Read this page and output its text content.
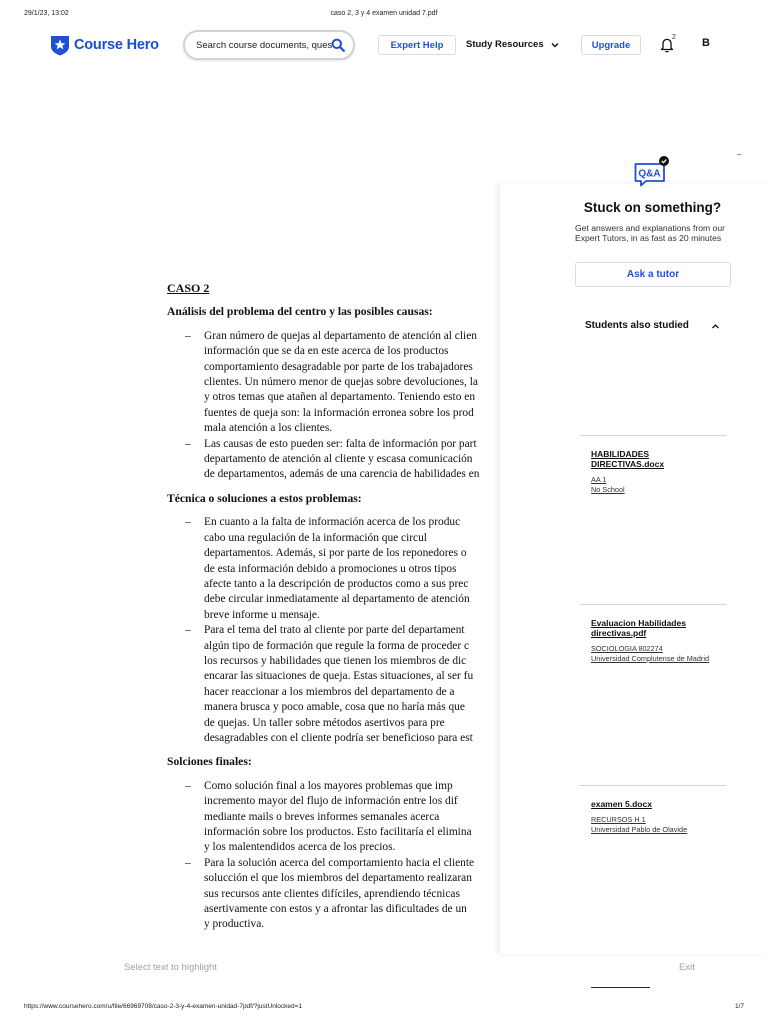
29/1/23, 13:02	caso 2, 3 y 4 examen unidad 7.pdf
Course Hero
Search course documents, questions	Expert Help	Study Resources	Upgrade
2 B
CASO 2
Análisis del problema del centro y las posibles causas:
– Gran número de quejas al departamento de atención al clien
información que se da en este acerca de los productos
comportamiento desagradable por parte de los trabajadores
clientes. Un número menor de quejas sobre devoluciones, la
y otros temas que atañen al departamento. Teniendo esto en
fuentes de queja son: la información erronea sobre los prod
mala atención a los clientes.
– Las causas de esto pueden ser: falta de información por part
departamento de atención al cliente y escasa comunicación
de departamentos, además de una carencia de habilidades en
Técnica o soluciones a estos problemas:
– En cuanto a la falta de información acerca de los produc
cabo una regulación de la información que circul
departamentos. Además, si por parte de los reponedores o
de esta información debido a promociones u otros tipos
afecte tanto a la descripción de productos como a sus prec
debe circular inmediatamente al departamento de atención
breve informe u mensaje.
– Para el tema del trato al cliente por parte del departament
algún tipo de formación que regule la forma de proceder c
los recursos y habilidades que tienen los miembros de dic
encarar las situaciones de queja. Estas situaciones, al ser fu
hacer reaccionar a los miembros del departamento de a
manera brusca y poco amable, cosa que no haría más que
de quejas. Un taller sobre métodos asertivos para pre
desagradables con el cliente podría ser beneficioso para est
Solciones finales:
– Como solución final a los mayores problemas que imp
incremento mayor del flujo de información entre los dif
mediante mails o breves informes semanales acerca
información sobre los productos. Esto facilitaría el elimina
y los malentendidos acerca de los precios.
– Para la solución acerca del comportamiento hacia el cliente
solucción el que los miembros del departamento realizaran
sus recursos ante clientes difíciles, aprendiendo técnicas
asertivamente con estos y a afrontar las dificultades de un
y productiva.
–
Q&A
Stuck on something?
Get answers and explanations from our Expert Tutors, in as fast as 20 minutes
Ask a tutor
Students also studied
HABILIDADES DIRECTIVAS.docx
AA 1
No School
Evaluacion Habilidades directivas.pdf
SOCIOLOGIA 802274
Universidad Complutense de Madrid
examen 5.docx
RECURSOS H 1
Universidad Pablo de Olavide
Select text to highlight	Exit
https://www.coursehero.com/u/file/66969708/caso-2-3-y-4-examen-unidad-7pdf/?justUnlocked=1	1/7
